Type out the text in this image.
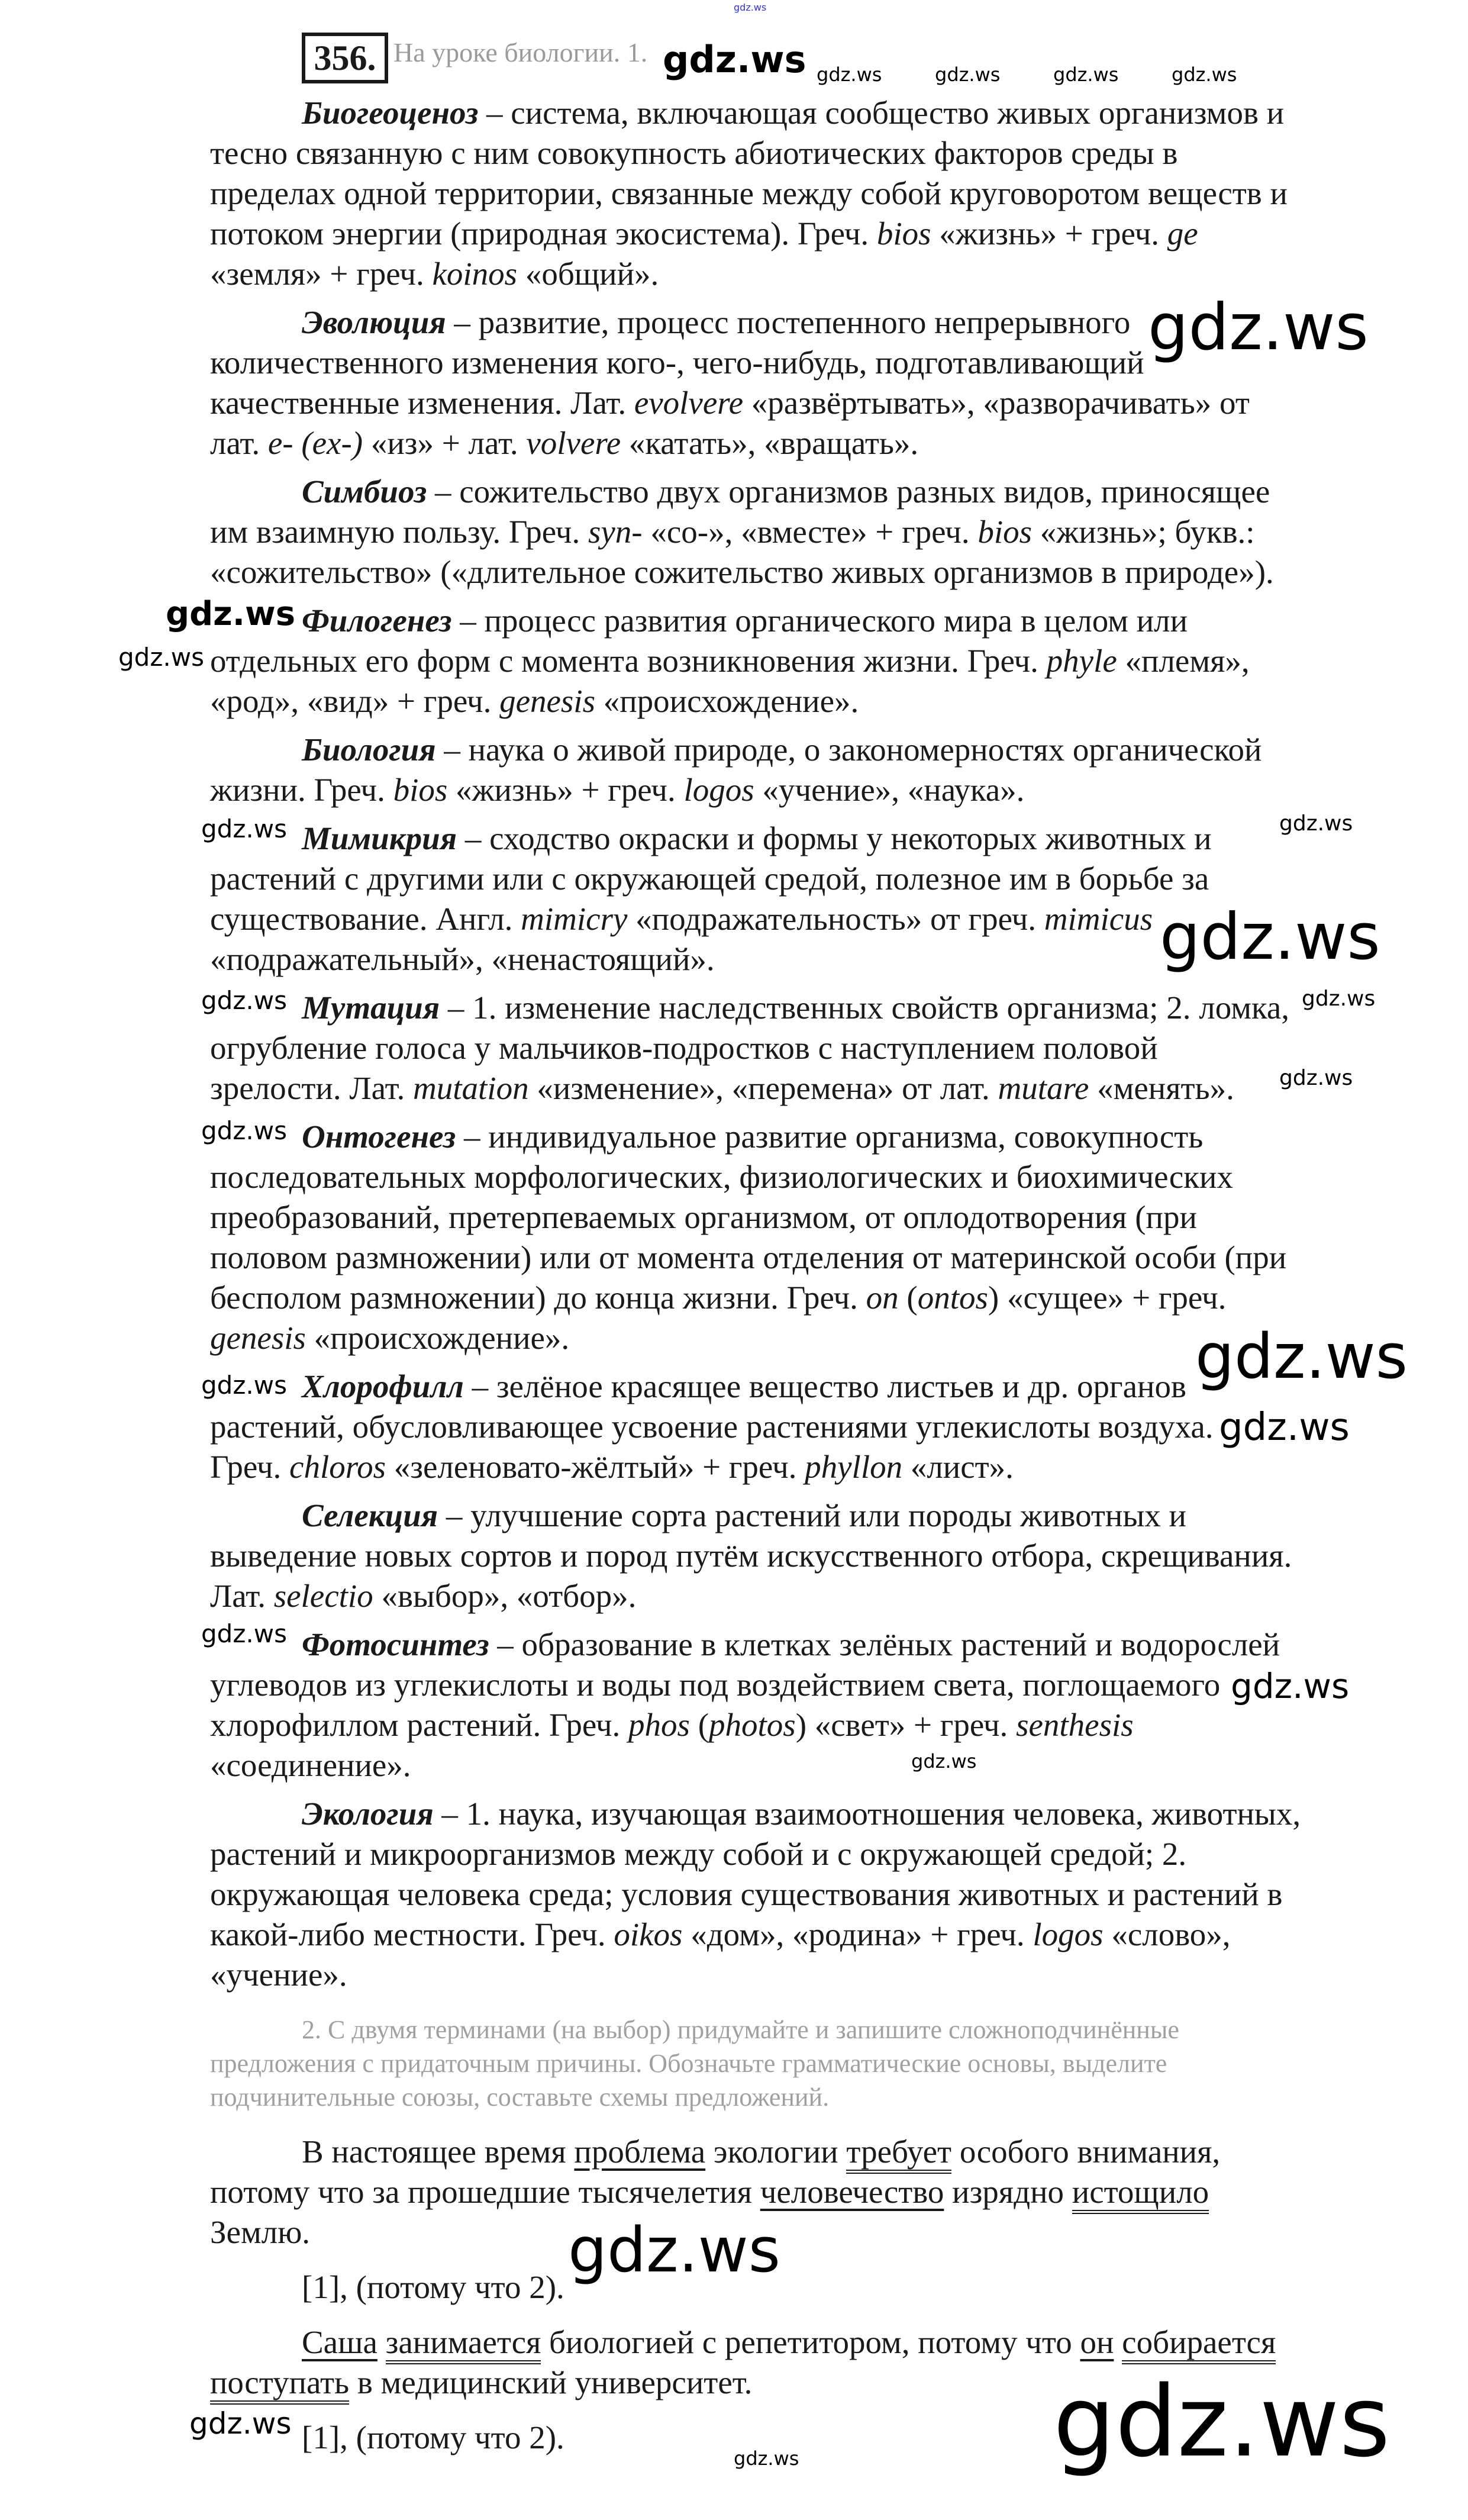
356. На уроке биологии. 1.
Биогеоценоз – система, включающая сообщество живых организмов и
тесно связанную с ним совокупность абиотических факторов среды в
пределах одной территории, связанные между собой круговоротом веществ и
потоком энергии (природная экосистема). Греч. bios «жизнь» + греч. ge
«земля» + греч. koinos «общий».
Эволюция – развитие, процесс постепенного непрерывного
количественного изменения кого-, чего-нибудь, подготавливающий
качественные изменения. Лат. evolvere «развёртывать», «разворачивать» от
лат. e- (ex-) «из» + лат. volvere «катать», «вращать».
Симбиоз – сожительство двух организмов разных видов, приносящее
им взаимную пользу. Греч. syn- «со-», «вместе» + греч. bios «жизнь»; букв.:
«сожительство» («длительное сожительство живых организмов в природе»).
Филогенез – процесс развития органического мира в целом или
отдельных его форм с момента возникновения жизни. Греч. phyle «племя»,
«род», «вид» + греч. genesis «происхождение».
Биология – наука о живой природе, о закономерностях органической
жизни. Греч. bios «жизнь» + греч. logos «учение», «наука».
Мимикрия – сходство окраски и формы у некоторых животных и
растений с другими или с окружающей средой, полезное им в борьбе за
существование. Англ. mimicry «подражательность» от греч. mimicus
«подражательный», «ненастоящий».
Мутация – 1. изменение наследственных свойств организма; 2. ломка,
огрубление голоса у мальчиков-подростков с наступлением половой
зрелости. Лат. mutation «изменение», «перемена» от лат. mutare «менять».
Онтогенез – индивидуальное развитие организма, совокупность
последовательных морфологических, физиологических и биохимических
преобразований, претерпеваемых организмом, от оплодотворения (при
половом размножении) или от момента отделения от материнской особи (при
бесполом размножении) до конца жизни. Греч. on (ontos) «сущее» + греч.
genesis «происхождение».
Хлорофилл – зелёное красящее вещество листьев и др. органов
растений, обусловливающее усвоение растениями углекислоты воздуха.
Греч. chloros «зеленовато-жёлтый» + греч. phyllon «лист».
Селекция – улучшение сорта растений или породы животных и
выведение новых сортов и пород путём искусственного отбора, скрещивания.
Лат. selectio «выбор», «отбор».
Фотосинтез – образование в клетках зелёных растений и водорослей
углеводов из углекислоты и воды под воздействием света, поглощаемого
хлорофиллом растений. Греч. phos (photos) «свет» + греч. senthesis
«соединение».
Экология – 1. наука, изучающая взаимоотношения человека, животных,
растений и микроорганизмов между собой и с окружающей средой; 2.
окружающая человека среда; условия существования животных и растений в
какой-либо местности. Греч. oikos «дом», «родина» + греч. logos «слово»,
«учение».
2. С двумя терминами (на выбор) придумайте и запишите сложноподчинённые
предложения с придаточным причины. Обозначьте грамматические основы, выделите
подчинительные союзы, составьте схемы предложений.
В настоящее время проблема экологии требует особого внимания,
потому что за прошедшие тысячелетия человечество изрядно истощило
Землю.
[1], (потому что 2).
Саша занимается биологией с репетитором, потому что он собирается
поступать в медицинский университет.
[1], (потому что 2).
gdz.ws
gdz.ws	gdz.ws	gdz.ws	gdz.ws
gdz.ws
gdz.ws
gdz.ws
gdz.ws
gdz.ws	gdz.ws
gdz.ws
gdz.ws
gdz.ws
gdz.ws
gdz.ws
gdz.ws
gdz.ws
gdz.ws
gdz.ws
gdz.ws
gdz.ws
gdz.ws
gdz.ws
gdz.ws
gdz.ws
